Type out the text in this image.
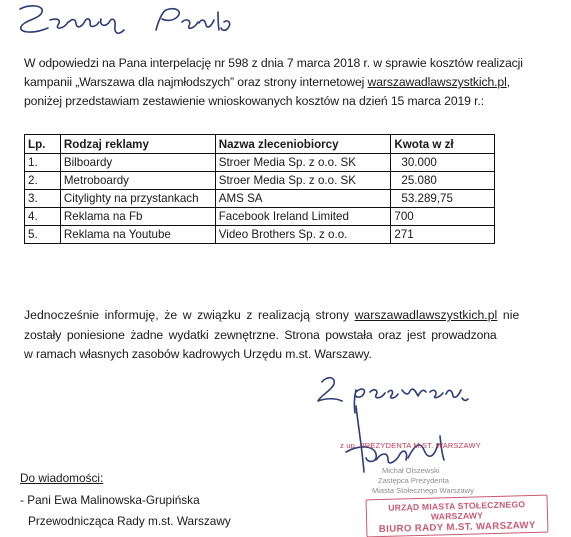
W odpowiedzi na Pana interpelację nr 598 z dnia 7 marca 2018 r. w sprawie kosztów realizacji
kampanii „Warszawa dla najmłodszych” oraz strony internetowej warszawadlawszystkich.pl,
poniżej przedstawiam zestawienie wnioskowanych kosztów na dzień 15 marca 2019 r.:
Lp.	Rodzaj reklamy	Nazwa zleceniobiorcy	Kwota w zł
1.	Bilboardy	Stroer Media Sp. z o.o. SK	30.000
2.	Metroboardy	Stroer Media Sp. z o.o. SK	25.080
3.	Citylighty na przystankach	AMS SA	53.289,75
4.	Reklama na Fb	Facebook Ireland Limited	700
5.	Reklama na Youtube	Video Brothers Sp. z o.o.	271
Jednocześnie informuję, że w związku z realizacją strony warszawadlawszystkich.pl nie
zostały poniesione żadne wydatki zewnętrzne. Strona powstała oraz jest prowadzona
w ramach własnych zasobów kadrowych Urzędu m.st. Warszawy.
z up. PREZYDENTA M.ST. WARSZAWY
Michał Olszewski
Zastępca Prezydenta
Miasta Stołecznego Warszawy
URZĄD MIASTA STOŁECZNEGO WARSZAWY
BIURO RADY M.ST. WARSZAWY
Do wiadomości:
- Pani Ewa Malinowska-Grupińska
Przewodnicząca Rady m.st. Warszawy
